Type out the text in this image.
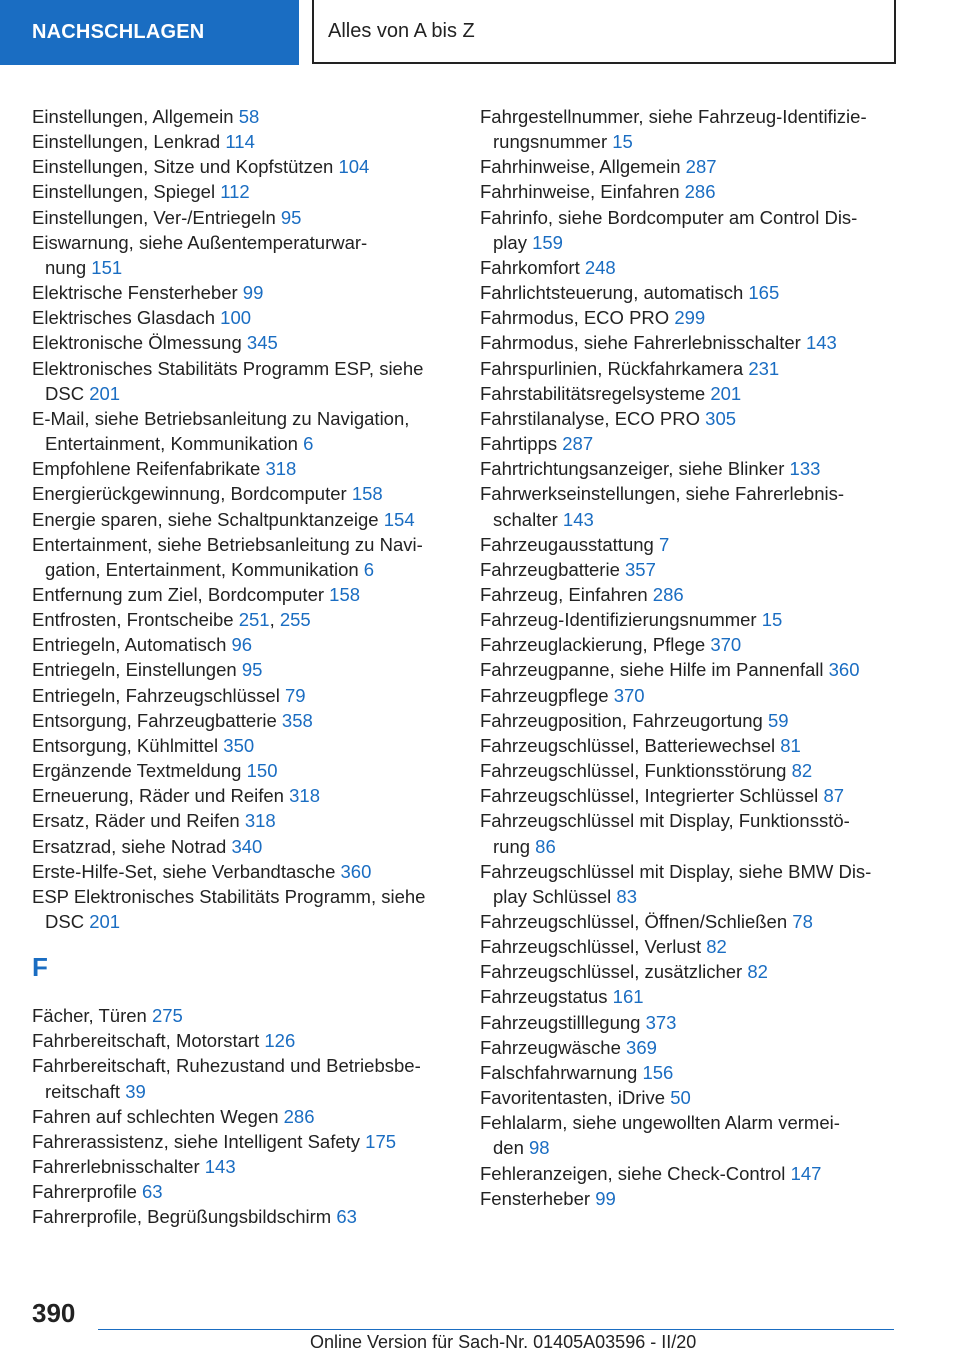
NACHSCHLAGEN	Alles von A bis Z
Einstellungen, Allgemein 58
Einstellungen, Lenkrad 114
Einstellungen, Sitze und Kopfstützen 104
Einstellungen, Spiegel 112
Einstellungen, Ver-/Entriegeln 95
Eiswarnung, siehe Außentemperaturwar-
nung 151
Elektrische Fensterheber 99
Elektrisches Glasdach 100
Elektronische Ölmessung 345
Elektronisches Stabilitäts Programm ESP, siehe
DSC 201
E-Mail, siehe Betriebsanleitung zu Navigation,
Entertainment, Kommunikation 6
Empfohlene Reifenfabrikate 318
Energierückgewinnung, Bordcomputer 158
Energie sparen, siehe Schaltpunktanzeige 154
Entertainment, siehe Betriebsanleitung zu Navi-
gation, Entertainment, Kommunikation 6
Entfernung zum Ziel, Bordcomputer 158
Entfrosten, Frontscheibe 251, 255
Entriegeln, Automatisch 96
Entriegeln, Einstellungen 95
Entriegeln, Fahrzeugschlüssel 79
Entsorgung, Fahrzeugbatterie 358
Entsorgung, Kühlmittel 350
Ergänzende Textmeldung 150
Erneuerung, Räder und Reifen 318
Ersatz, Räder und Reifen 318
Ersatzrad, siehe Notrad 340
Erste-Hilfe-Set, siehe Verbandtasche 360
ESP Elektronisches Stabilitäts Programm, siehe
DSC 201
F
Fächer, Türen 275
Fahrbereitschaft, Motorstart 126
Fahrbereitschaft, Ruhezustand und Betriebsbe-
reitschaft 39
Fahren auf schlechten Wegen 286
Fahrerassistenz, siehe Intelligent Safety 175
Fahrerlebnisschalter 143
Fahrerprofile 63
Fahrerprofile, Begrüßungsbildschirm 63
Fahrgestellnummer, siehe Fahrzeug-Identifizie-
rungsnummer 15
Fahrhinweise, Allgemein 287
Fahrhinweise, Einfahren 286
Fahrinfo, siehe Bordcomputer am Control Dis-
play 159
Fahrkomfort 248
Fahrlichtsteuerung, automatisch 165
Fahrmodus, ECO PRO 299
Fahrmodus, siehe Fahrerlebnisschalter 143
Fahrspurlinien, Rückfahrkamera 231
Fahrstabilitätsregelsysteme 201
Fahrstilanalyse, ECO PRO 305
Fahrtipps 287
Fahrtrichtungsanzeiger, siehe Blinker 133
Fahrwerkseinstellungen, siehe Fahrerlebnis-
schalter 143
Fahrzeugausstattung 7
Fahrzeugbatterie 357
Fahrzeug, Einfahren 286
Fahrzeug-Identifizierungsnummer 15
Fahrzeuglackierung, Pflege 370
Fahrzeugpanne, siehe Hilfe im Pannenfall 360
Fahrzeugpflege 370
Fahrzeugposition, Fahrzeugortung 59
Fahrzeugschlüssel, Batteriewechsel 81
Fahrzeugschlüssel, Funktionsstörung 82
Fahrzeugschlüssel, Integrierter Schlüssel 87
Fahrzeugschlüssel mit Display, Funktionsstö-
rung 86
Fahrzeugschlüssel mit Display, siehe BMW Dis-
play Schlüssel 83
Fahrzeugschlüssel, Öffnen/Schließen 78
Fahrzeugschlüssel, Verlust 82
Fahrzeugschlüssel, zusätzlicher 82
Fahrzeugstatus 161
Fahrzeugstilllegung 373
Fahrzeugwäsche 369
Falschfahrwarnung 156
Favoritentasten, iDrive 50
Fehlalarm, siehe ungewollten Alarm vermei-
den 98
Fehleranzeigen, siehe Check-Control 147
Fensterheber 99
390
Online Version für Sach-Nr. 01405A03596 - II/20
